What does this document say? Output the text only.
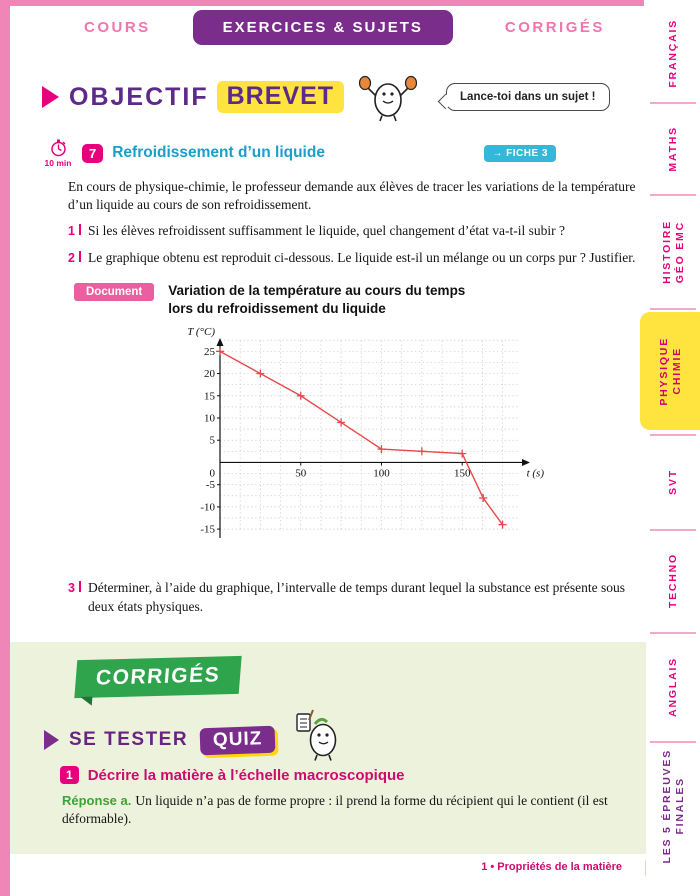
COURS	EXERCICES & SUJETS	CORRIGÉS
OBJECTIF BREVET	Lance-toi dans un sujet !
10 min
7	Refroidissement d’un liquide	→ FICHE 3

En cours de physique-chimie, le professeur demande aux élèves de tracer les variations de la température d’un liquide au cours de son refroidissement.

1 Si les élèves refroidissent suffisamment le liquide, quel changement d’état va-t-il subir ?

2 Le graphique obtenu est reproduit ci-dessous. Le liquide est-il un mélange ou un corps pur ? Justifier.

Document	Variation de la température au cours du temps
lors du refroidissement du liquide
-15
-10
-5
5
10
15
20
25
50	100	150
0
T (°C)
t (s)

3 Déterminer, à l’aide du graphique, l’intervalle de temps durant lequel la substance est présente sous deux états physiques.

CORRIGÉS
SE TESTER	QUIZ
1	Décrire la matière à l’échelle macroscopique

Réponse a. Un liquide n’a pas de forme propre : il prend la forme du récipient qui le contient (il est déformable).

1 • Propriétés de la matière
FRANÇAIS
MATHS
HISTOIRE GÉO EMC
PHYSIQUE CHIMIE
SVT
TECHNO
ANGLAIS
LES 5 ÉPREUVES FINALES
